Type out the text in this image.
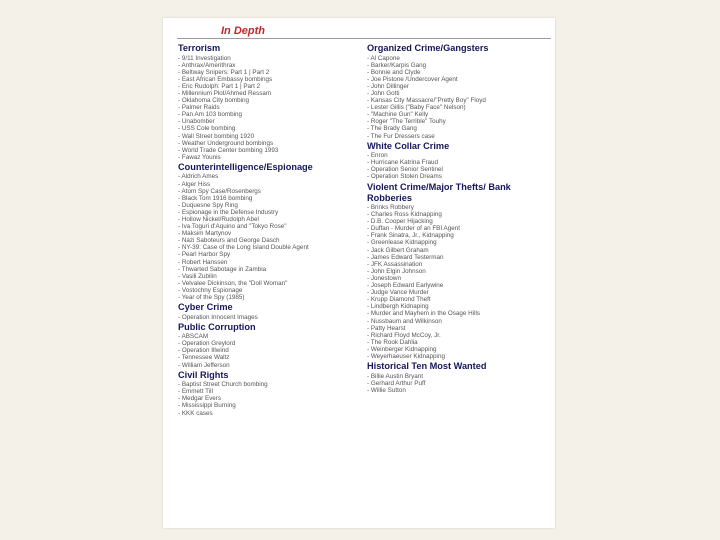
In Depth
Terrorism
- 9/11 Investigation
- Anthrax/Amerithrax
- Beltway Snipers: Part 1 | Part 2
- East African Embassy bombings
- Eric Rudolph: Part 1 | Part 2
- Millennium Plot/Ahmed Ressam
- Oklahoma City bombing
- Palmer Raids
- Pan Am 103 bombing
- Unabomber
- USS Cole bombing
- Wall Street bombing 1920
- Weather Underground bombings
- World Trade Center bombing 1993
- Fawaz Younis
Counterintelligence/Espionage
- Aldrich Ames
- Alger Hiss
- Atom Spy Case/Rosenbergs
- Black Tom 1916 bombing
- Duquesne Spy Ring
- Espionage in the Defense Industry
- Hollow Nickel/Rudolph Abel
- Iva Toguri d'Aquino and "Tokyo Rose"
- Maksim Martynov
- Nazi Saboteurs and George Dasch
- NY-39: Case of the Long Island Double Agent
- Pearl Harbor Spy
- Robert Hanssen
- Thwarted Sabotage in Zambia
- Vasili Zubilin
- Velvalee Dickinson, the "Doll Woman"
- Vostochny Espionage
- Year of the Spy (1985)
Cyber Crime
- Operation Innocent Images
Public Corruption
- ABSCAM
- Operation Greylord
- Operation Illwind
- Tennessee Waltz
- William Jefferson
Civil Rights
- Baptist Street Church bombing
- Emmett Till
- Medgar Evers
- Mississippi Burning
- KKK cases
Organized Crime/Gangsters
- Al Capone
- Barker/Karpis Gang
- Bonnie and Clyde
- Joe Pistone /Undercover Agent
- John Dillinger
- John Gotti
- Kansas City Massacre/"Pretty Boy" Floyd
- Lester Gillis ("Baby Face" Nelson)
- "Machine Gun" Kelly
- Roger "The Terrible" Touhy
- The Brady Gang
- The Fur Dressers case
White Collar Crime
- Enron
- Hurricane Katrina Fraud
- Operation Senior Sentinel
- Operation Stolen Dreams
Violent Crime/Major Thefts/ Bank Robberies
- Brinks Robbery
- Charles Ross Kidnapping
- D.B. Cooper Hijacking
- Duffan - Murder of an FBI Agent
- Frank Sinatra, Jr., Kidnapping
- Greenlease Kidnapping
- Jack Gilbert Graham
- James Edward Testerman
- JFK Assassination
- John Elgin Johnson
- Jonestown
- Joseph Edward Earlywine
- Judge Vance Murder
- Krupp Diamond Theft
- Lindbergh Kidnaping
- Murder and Mayhem in the Osage Hills
- Nussbaum and Wilkinson
- Patty Hearst
- Richard Floyd McCoy, Jr.
- The Rook Dahlia
- Weinberger Kidnapping
- Weyerhaeuser Kidnapping
Historical Ten Most Wanted
- Billie Austin Bryant
- Gerhard Arthur Puff
- Willie Sutton
